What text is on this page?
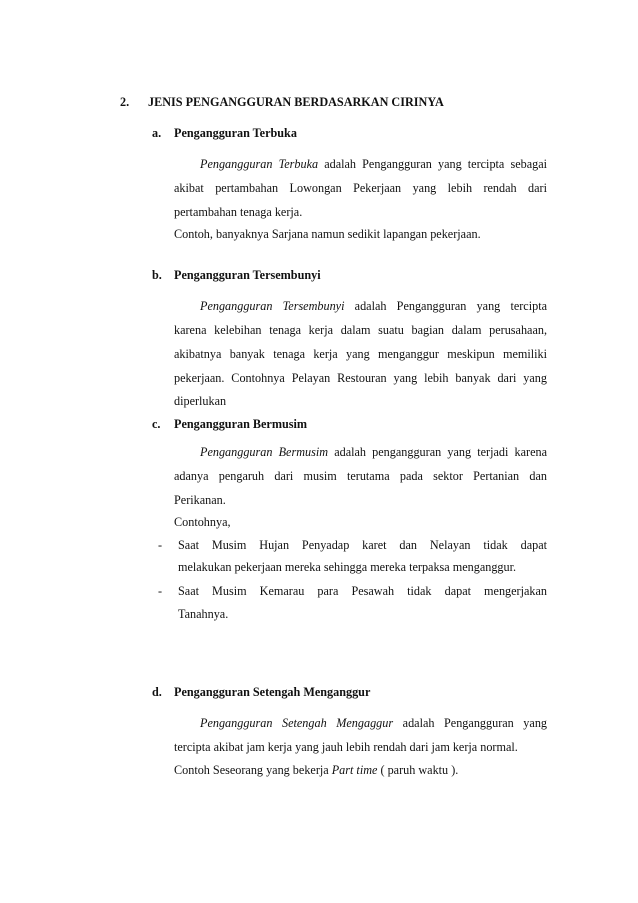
2. JENIS PENGANGGURAN BERDASARKAN CIRINYA
a. Pengangguran Terbuka
Pengangguran Terbuka adalah Pengangguran yang tercipta sebagai
akibat pertambahan Lowongan Pekerjaan yang lebih rendah dari
pertambahan tenaga kerja.
Contoh, banyaknya Sarjana namun sedikit lapangan pekerjaan.
b. Pengangguran Tersembunyi
Pengangguran Tersembunyi adalah Pengangguran yang tercipta
karena kelebihan tenaga kerja dalam suatu bagian dalam perusahaan,
akibatnya banyak tenaga kerja yang menganggur meskipun memiliki
pekerjaan. Contohnya Pelayan Restouran yang lebih banyak dari yang
diperlukan
c. Pengangguran Bermusim
Pengangguran Bermusim adalah pengangguran yang terjadi karena
adanya pengaruh dari musim terutama pada sektor Pertanian dan
Perikanan.
Contohnya,
- Saat Musim Hujan Penyadap karet dan Nelayan tidak dapat
melakukan pekerjaan mereka sehingga mereka terpaksa menganggur.
- Saat Musim Kemarau para Pesawah tidak dapat mengerjakan
Tanahnya.
d. Pengangguran Setengah Menganggur
Pengangguran Setengah Mengaggur adalah Pengangguran yang
tercipta akibat jam kerja yang jauh lebih rendah dari jam kerja normal.
Contoh Seseorang yang bekerja Part time ( paruh waktu ).
